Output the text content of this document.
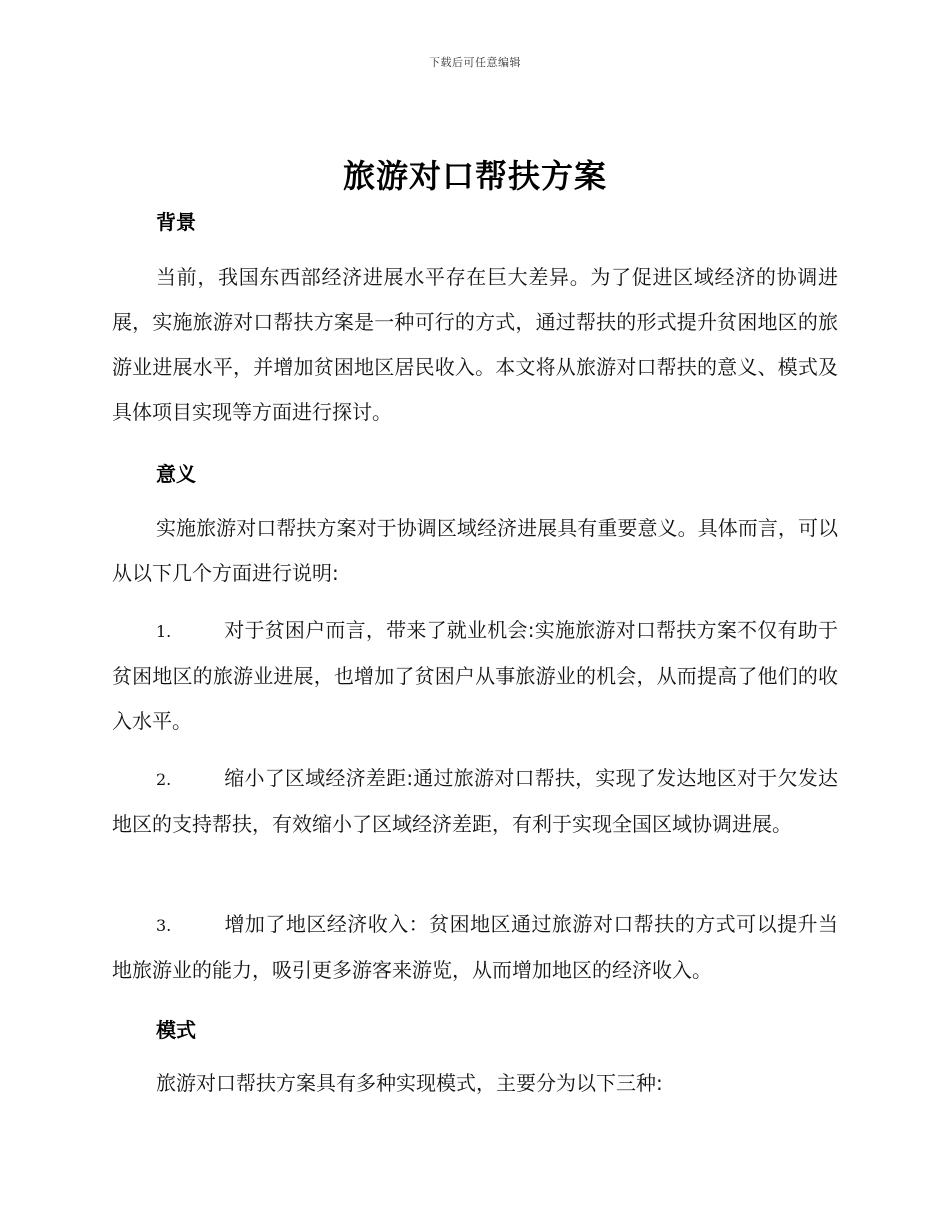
下载后可任意编辑
旅游对口帮扶方案
背景

当前，我国东西部经济进展水平存在巨大差异。为了促进区域经济的协调进展，实施旅游对口帮扶方案是一种可行的方式，通过帮扶的形式提升贫困地区的旅游业进展水平，并增加贫困地区居民收入。本文将从旅游对口帮扶的意义、模式及具体项目实现等方面进行探讨。

意义

实施旅游对口帮扶方案对于协调区域经济进展具有重要意义。具体而言，可以从以下几个方面进行说明:

1.	对于贫困户而言，带来了就业机会:实施旅游对口帮扶方案不仅有助于贫困地区的旅游业进展，也增加了贫困户从事旅游业的机会，从而提高了他们的收入水平。

2.	缩小了区域经济差距:通过旅游对口帮扶，实现了发达地区对于欠发达地区的支持帮扶，有效缩小了区域经济差距，有利于实现全国区域协调进展。

3.	增加了地区经济收入：贫困地区通过旅游对口帮扶的方式可以提升当地旅游业的能力，吸引更多游客来游览，从而增加地区的经济收入。

模式

旅游对口帮扶方案具有多种实现模式，主要分为以下三种:
